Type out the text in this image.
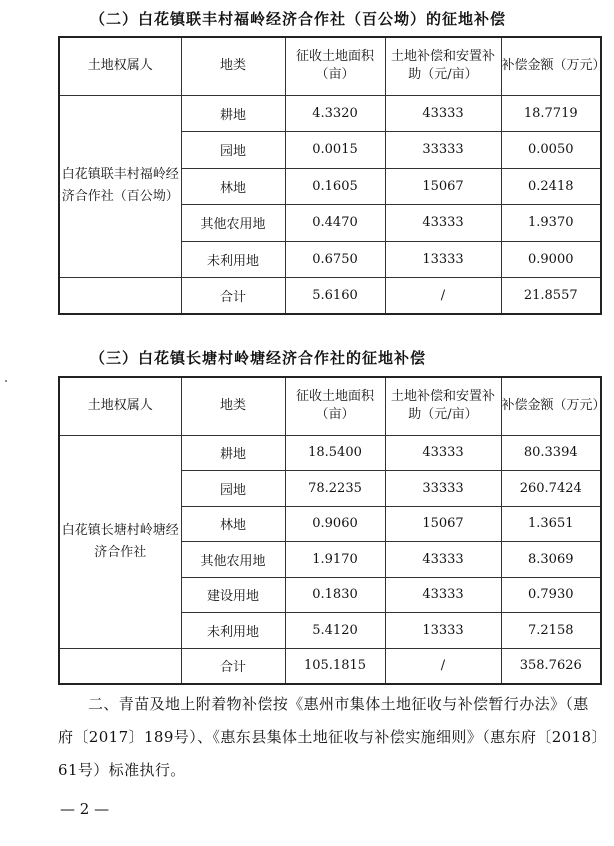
（二）白花镇联丰村福岭经济合作社（百公坳）的征地补偿
土地权属人	地类	征收土地面积（亩）	土地补偿和安置补助（元/亩）	补偿金额（万元）
白花镇联丰村福岭经济合作社（百公坳）	耕地	4.3320	43333	18.7719
	园地	0.0015	33333	0.0050
	林地	0.1605	15067	0.2418
	其他农用地	0.4470	43333	1.9370
	未利用地	0.6750	13333	0.9000
	合计	5.6160	/	21.8557
（三）白花镇长塘村岭塘经济合作社的征地补偿
土地权属人	地类	征收土地面积（亩）	土地补偿和安置补助（元/亩）	补偿金额（万元）
白花镇长塘村岭塘经济合作社	耕地	18.5400	43333	80.3394
	园地	78.2235	33333	260.7424
	林地	0.9060	15067	1.3651
	其他农用地	1.9170	43333	8.3069
	建设用地	0.1830	43333	0.7930
	未利用地	5.4120	13333	7.2158
	合计	105.1815	/	358.7626
二、青苗及地上附着物补偿按《惠州市集体土地征收与补偿暂行办法》（惠府〔2017〕189号）、《惠东县集体土地征收与补偿实施细则》（惠东府〔2018〕61号）标准执行。
— 2 —
